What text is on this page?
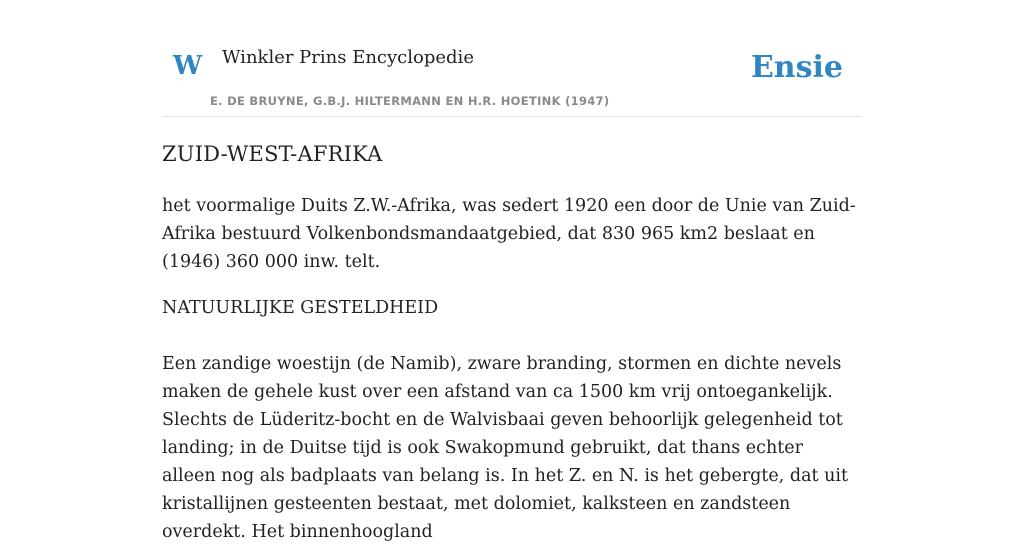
W Winkler Prins Encyclopedie
E. DE BRUYNE, G.B.J. HILTERMANN EN H.R. HOETINK (1947)
Ensie
ZUID-WEST-AFRIKA

het voormalige Duits Z.W.-Afrika, was sedert 1920 een door de Unie van Zuid-Afrika bestuurd Volkenbondsmandaatgebied, dat 830 965 km2 beslaat en (1946) 360 000 inw. telt.

NATUURLIJKE GESTELDHEID

Een zandige woestijn (de Namib), zware branding, stormen en dichte nevels maken de gehele kust over een afstand van ca 1500 km vrij ontoegankelijk. Slechts de Lüderitz-bocht en de Walvisbaai geven behoorlijk gelegenheid tot landing; in de Duitse tijd is ook Swakopmund gebruikt, dat thans echter alleen nog als badplaats van belang is. In het Z. en N. is het gebergte, dat uit kristallijnen gesteenten bestaat, met dolomiet, kalksteen en zandsteen overdekt. Het binnenhoogland
